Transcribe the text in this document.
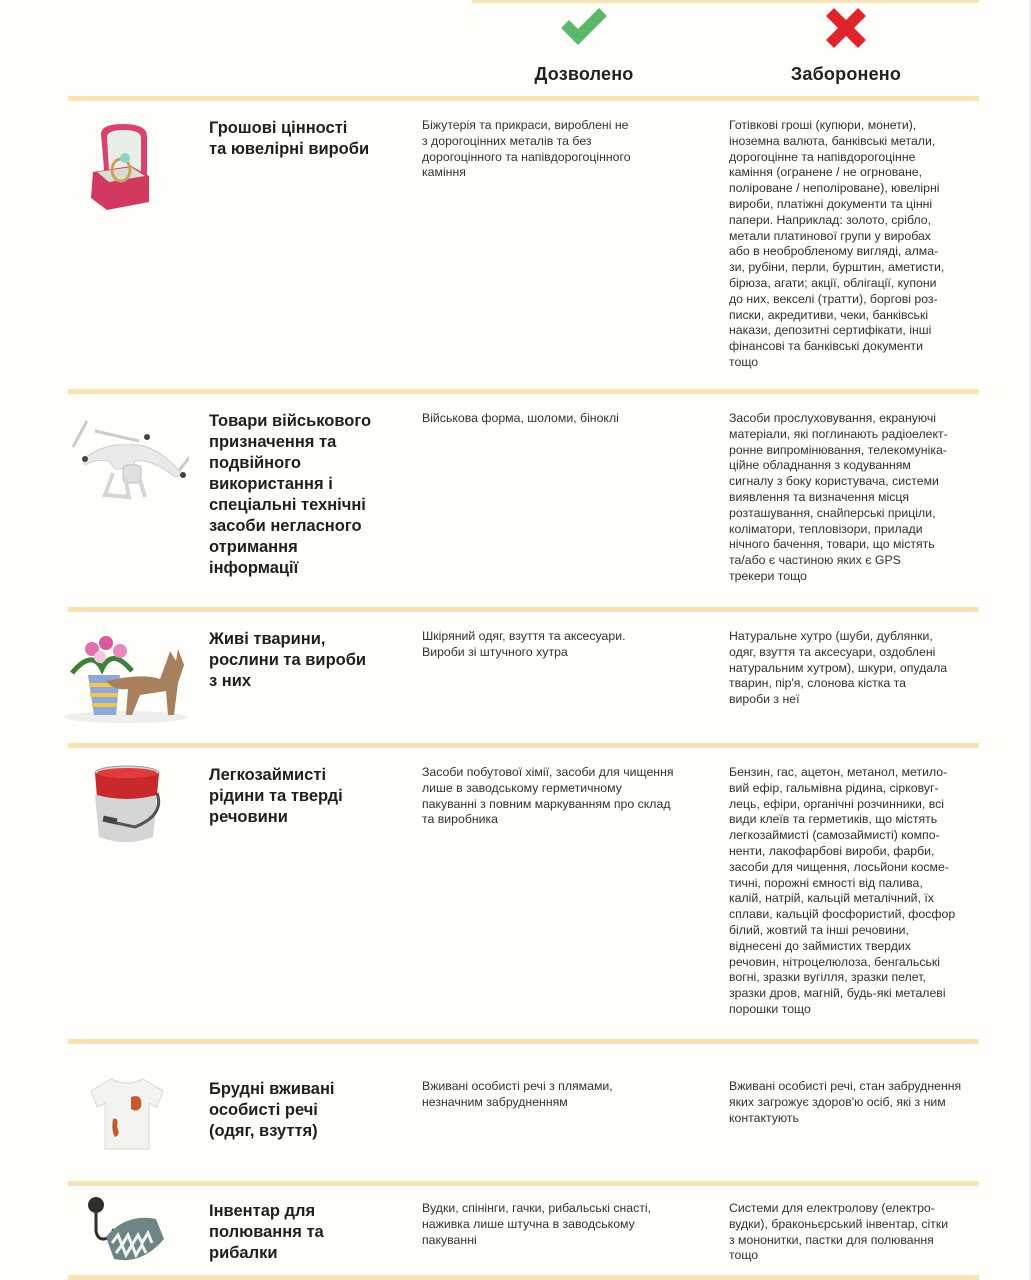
Дозволено	Заборонено
Грошові цінності
та ювелірні вироби
Біжутерія та прикраси, вироблені не
з дорогоцінних металів та без
дорогоцінного та напівдорогоцінного
каміння
Готівкові гроші (купюри, монети),
іноземна валюта, банківські метали,
дорогоцінне та напівдорогоцінне
каміння (огранене / не огрноване,
поліроване / неполіроване), ювелірні
вироби, платіжні документи та цінні
папери. Наприклад: золото, срібло,
метали платинової групи у виробах
або в необробленому вигляді, алма-
зи, рубіни, перли, бурштин, аметисти,
бірюза, агати; акції, облігації, купони
до них, векселі (тратти), боргові роз-
писки, акредитиви, чеки, банківські
накази, депозитні сертифікати, інші
фінансові та банківські документи
тощо
Товари військового
призначення та
подвійного
використання і
спеціальні технічні
засоби негласного
отримання
інформації
Військова форма, шоломи, біноклі	Засоби прослуховування, екрануючі
матеріали, які поглинають радіоелект-
ронне випромінювання, телекомуніка-
ційне обладнання з кодуванням
сигналу з боку користувача, системи
виявлення та визначення місця
розташування, снайперські приціли,
коліматори, тепловізори, прилади
нічного бачення, товари, що містять
та/або є частиною яких є GPS
трекери тощо
Живі тварини,
рослини та вироби
з них
Шкіряний одяг, взуття та аксесуари.
Вироби зі штучного хутра
Натуральне хутро (шуби, дублянки,
одяг, взуття та аксесуари, оздоблені
натуральним хутром), шкури, опудала
тварин, пір'я, слонова кістка та
вироби з неї
Легкозаймисті
рідини та тверді
речовини
Засоби побутової хімії, засоби для чищення
лише в заводському герметичному
пакуванні з повним маркуванням про склад
та виробника
Бензин, гас, ацетон, метанол, метило-
вий ефір, гальмівна рідина, сірковуг-
лець, ефіри, органічні розчинники, всі
види клеїв та герметиків, що містять
легкозаймисті (самозаймисті) компо-
ненти, лакофарбові вироби, фарби,
засоби для чищення, лосьйони косме-
тичні, порожні ємності від палива,
калій, натрій, кальцій металічний, їх
сплави, кальцій фосфористий, фосфор
білий, жовтий та інші речовини,
віднесені до займистих твердих
речовин, нітроцелюлоза, бенгальські
вогні, зразки вугілля, зразки пелет,
зразки дров, магній, будь-які металеві
порошки тощо
Брудні вживані
особисті речі
(одяг, взуття)
Вживані особисті речі з плямами,
незначним забрудненням
Вживані особисті речі, стан забруднення
яких загрожує здоров'ю осіб, які з ним
контактують
Інвентар для
полювання та
рибалки
Вудки, спінінги, гачки, рибальські снасті,
наживка лише штучна в заводському
пакуванні
Системи для електролову (електро-
вудки), браконьєрський інвентар, сітки
з мононитки, пастки для полювання
тощо
